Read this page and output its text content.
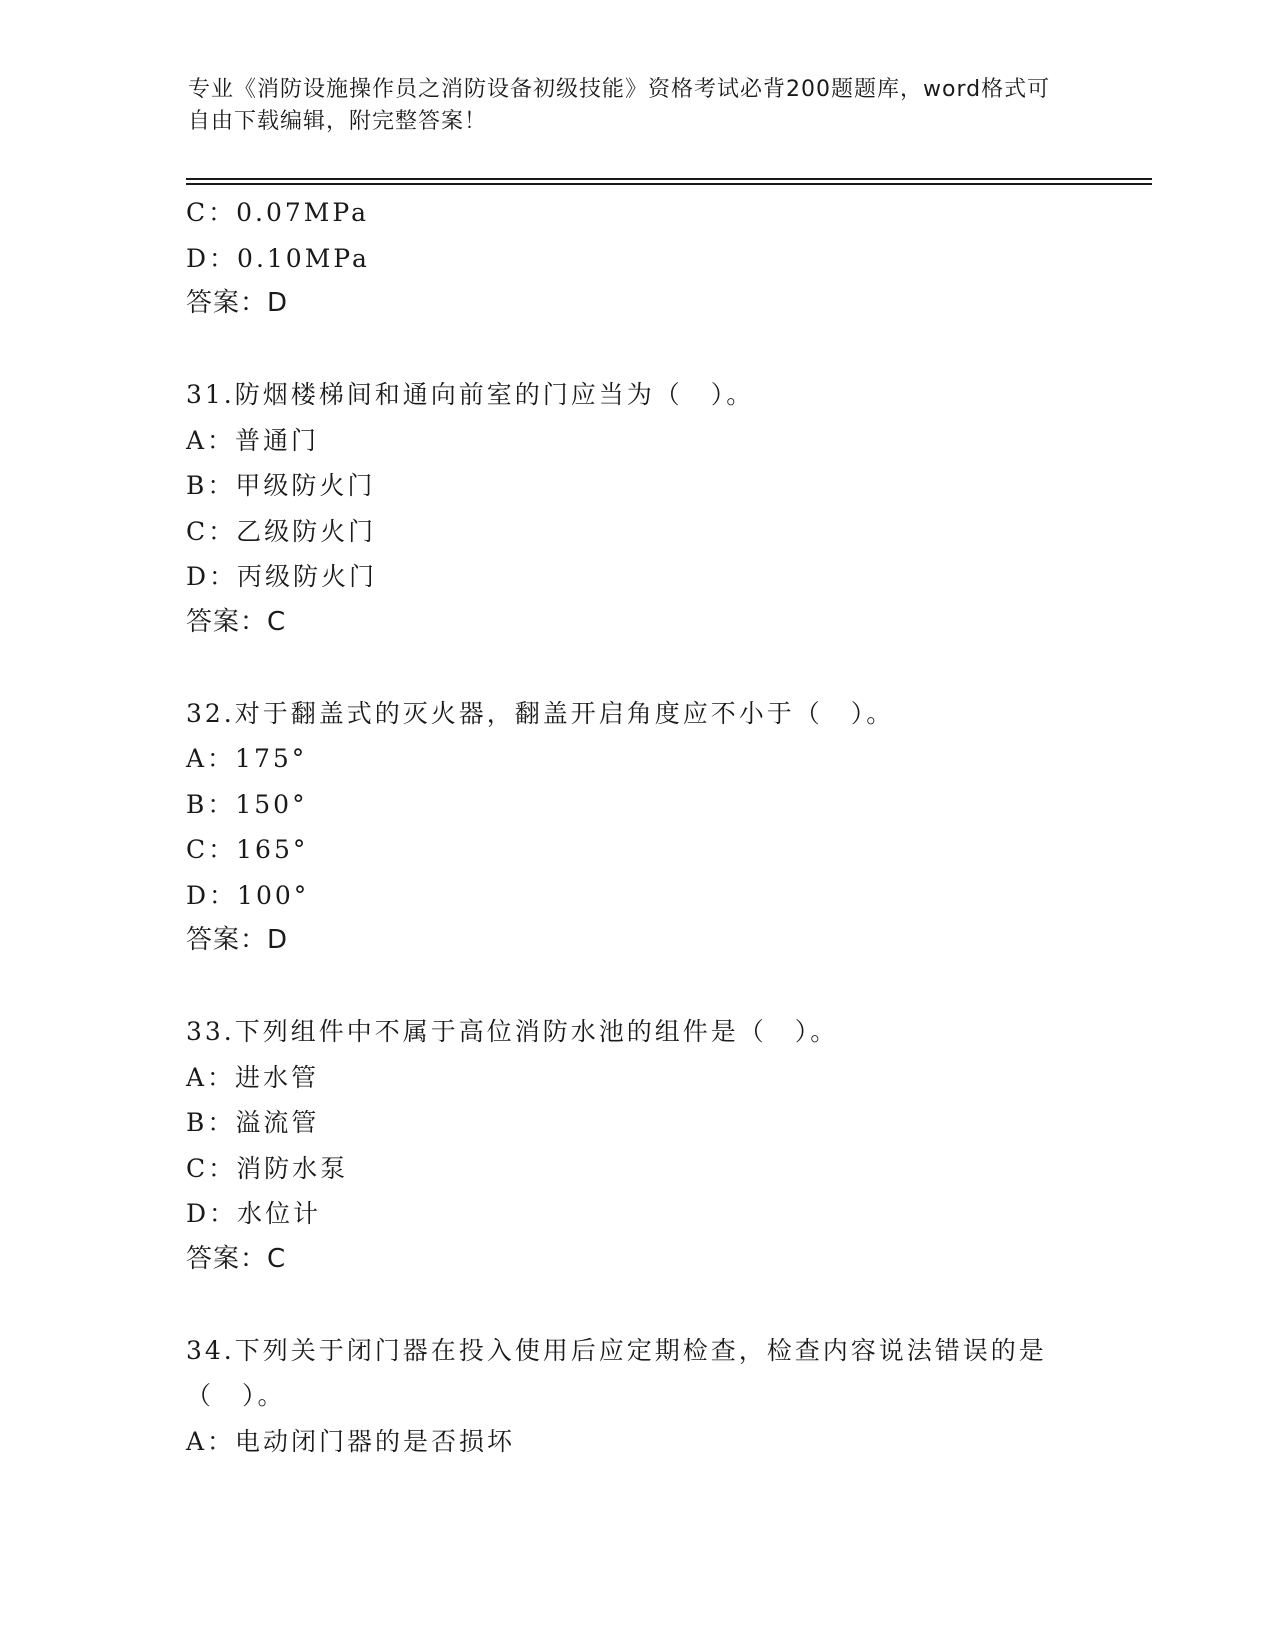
专业《消防设施操作员之消防设备初级技能》资格考试必背200题题库，word格式可自由下载编辑，附完整答案！
C：0.07MPa
D：0.10MPa
答案：D
31.防烟楼梯间和通向前室的门应当为（　）。
A：普通门
B：甲级防火门
C：乙级防火门
D：丙级防火门
答案：C
32.对于翻盖式的灭火器，翻盖开启角度应不小于（　）。
A：175°
B：150°
C：165°
D：100°
答案：D
33.下列组件中不属于高位消防水池的组件是（　）。
A：进水管
B：溢流管
C：消防水泵
D：水位计
答案：C
34.下列关于闭门器在投入使用后应定期检查，检查内容说法错误的是
（　）。
A：电动闭门器的是否损坏
